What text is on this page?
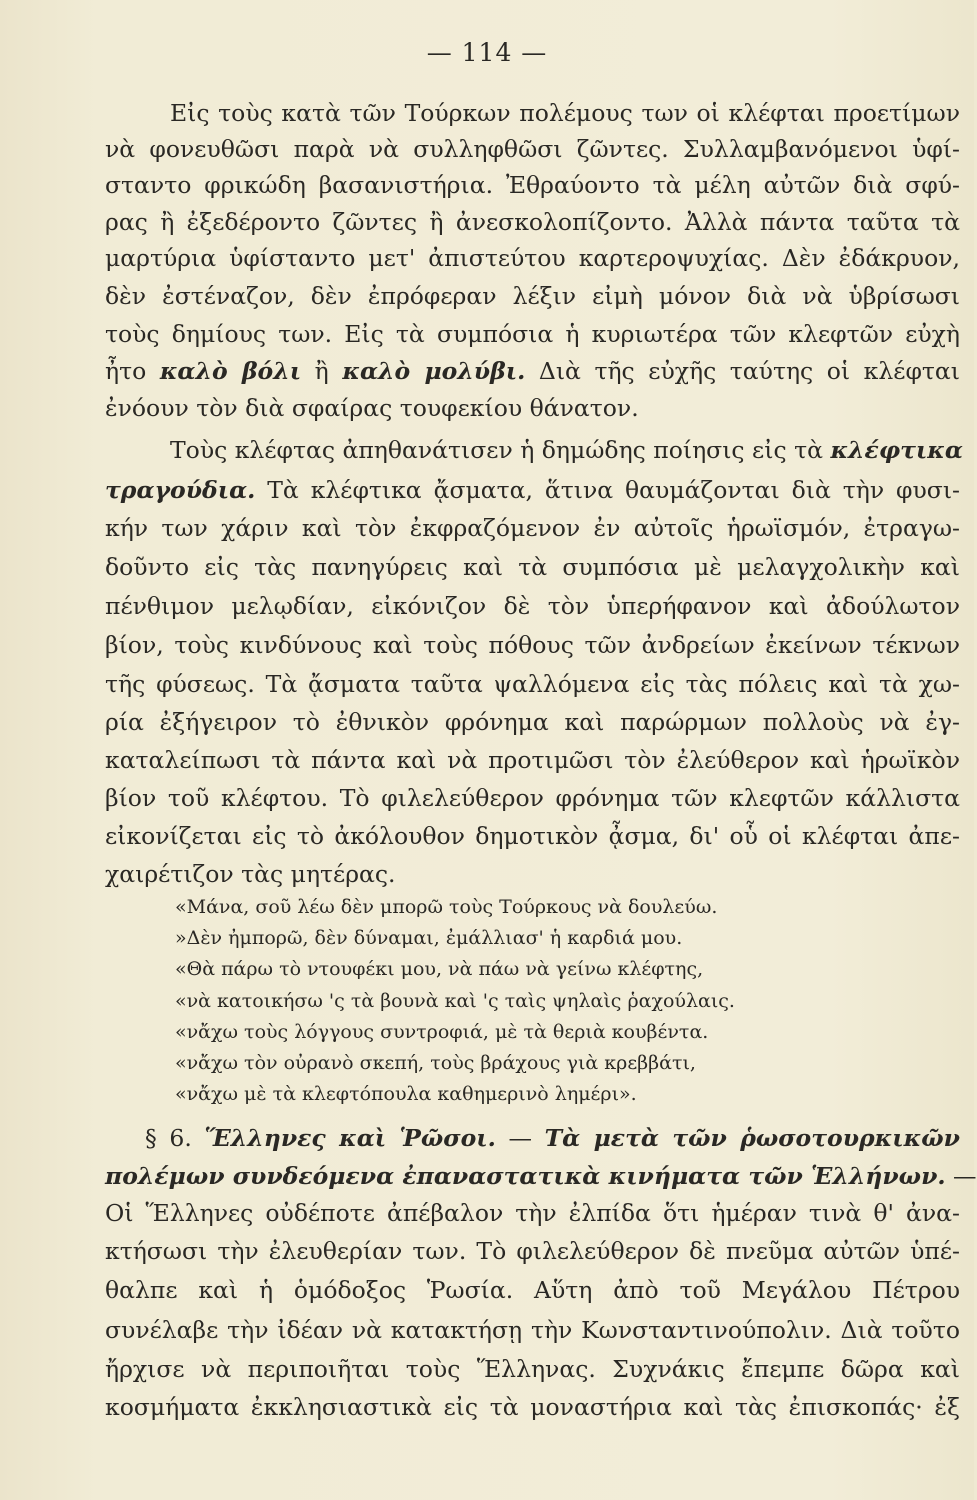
— 114 —
Εἰς τοὺς κατὰ τῶν Τούρκων πολέμους των οἱ κλέφται προετίμων
νὰ φονευθῶσι παρὰ νὰ συλληφθῶσι ζῶντες. Συλλαμβανόμενοι ὑφί-
σταντο φρικώδη βασανιστήρια. Ἐθραύοντο τὰ μέλη αὐτῶν διὰ σφύ-
ρας ἢ ἐξεδέροντο ζῶντες ἢ ἀνεσκολοπίζοντο. Ἀλλὰ πάντα ταῦτα τὰ
μαρτύρια ὑφίσταντο μετ' ἀπιστεύτου καρτεροψυχίας. Δὲν ἐδάκρυον,
δὲν ἐστέναζον, δὲν ἐπρόφεραν λέξιν εἰμὴ μόνον διὰ νὰ ὑβρίσωσι
τοὺς δημίους των. Εἰς τὰ συμπόσια ἡ κυριωτέρα τῶν κλεφτῶν εὐχὴ
ἦτο καλὸ βόλι ἢ καλὸ μολύβι. Διὰ τῆς εὐχῆς ταύτης οἱ κλέφται
ἐνόουν τὸν διὰ σφαίρας τουφεκίου θάνατον.
Τοὺς κλέφτας ἀπηθανάτισεν ἡ δημώδης ποίησις εἰς τὰ κλέφτικα
τραγούδια. Τὰ κλέφτικα ᾄσματα, ἅτινα θαυμάζονται διὰ τὴν φυσι-
κήν των χάριν καὶ τὸν ἐκφραζόμενον ἐν αὐτοῖς ἡρωϊσμόν, ἐτραγω-
δοῦντο εἰς τὰς πανηγύρεις καὶ τὰ συμπόσια μὲ μελαγχολικὴν καὶ
πένθιμον μελῳδίαν, εἰκόνιζον δὲ τὸν ὑπερήφανον καὶ ἀδούλωτον
βίον, τοὺς κινδύνους καὶ τοὺς πόθους τῶν ἀνδρείων ἐκείνων τέκνων
τῆς φύσεως. Τὰ ᾄσματα ταῦτα ψαλλόμενα εἰς τὰς πόλεις καὶ τὰ χω-
ρία ἐξήγειρον τὸ ἐθνικὸν φρόνημα καὶ παρώρμων πολλοὺς νὰ ἐγ-
καταλείπωσι τὰ πάντα καὶ νὰ προτιμῶσι τὸν ἐλεύθερον καὶ ἡρωϊκὸν
βίον τοῦ κλέφτου. Τὸ φιλελεύθερον φρόνημα τῶν κλεφτῶν κάλλιστα
εἰκονίζεται εἰς τὸ ἀκόλουθον δημοτικὸν ᾆσμα, δι' οὗ οἱ κλέφται ἀπε-
χαιρέτιζον τὰς μητέρας.
«Μάνα, σοῦ λέω δὲν μπορῶ τοὺς Τούρκους νὰ δουλεύω.
»Δὲν ἠμπορῶ, δὲν δύναμαι, ἐμάλλιασ' ἡ καρδιά μου.
«Θὰ πάρω τὸ ντουφέκι μου, νὰ πάω νὰ γείνω κλέφτης,
«νὰ κατοικήσω 'ς τὰ βουνὰ καὶ 'ς ταὶς ψηλαὶς ῥαχούλαις.
«νἄχω τοὺς λόγγους συντροφιά, μὲ τὰ θεριὰ κουβέντα.
«νἄχω τὸν οὐρανὸ σκεπή, τοὺς βράχους γιὰ κρεββάτι,
«νἄχω μὲ τὰ κλεφτόπουλα καθημερινὸ λημέρι».
§ 6. Ἕλληνες καὶ Ῥῶσοι. — Τὰ μετὰ τῶν ῥωσοτουρκικῶν
πολέμων συνδεόμενα ἐπαναστατικὰ κινήματα τῶν Ἑλλήνων. —
Οἱ Ἕλληνες οὐδέποτε ἀπέβαλον τὴν ἐλπίδα ὅτι ἡμέραν τινὰ θ' ἀνα-
κτήσωσι τὴν ἐλευθερίαν των. Τὸ φιλελεύθερον δὲ πνεῦμα αὐτῶν ὑπέ-
θαλπε καὶ ἡ ὁμόδοξος Ῥωσία. Αὕτη ἀπὸ τοῦ Μεγάλου Πέτρου
συνέλαβε τὴν ἰδέαν νὰ κατακτήσῃ τὴν Κωνσταντινούπολιν. Διὰ τοῦτο
ἤρχισε νὰ περιποιῆται τοὺς Ἕλληνας. Συχνάκις ἔπεμπε δῶρα καὶ
κοσμήματα ἐκκλησιαστικὰ εἰς τὰ μοναστήρια καὶ τὰς ἐπισκοπάς· ἐξ
